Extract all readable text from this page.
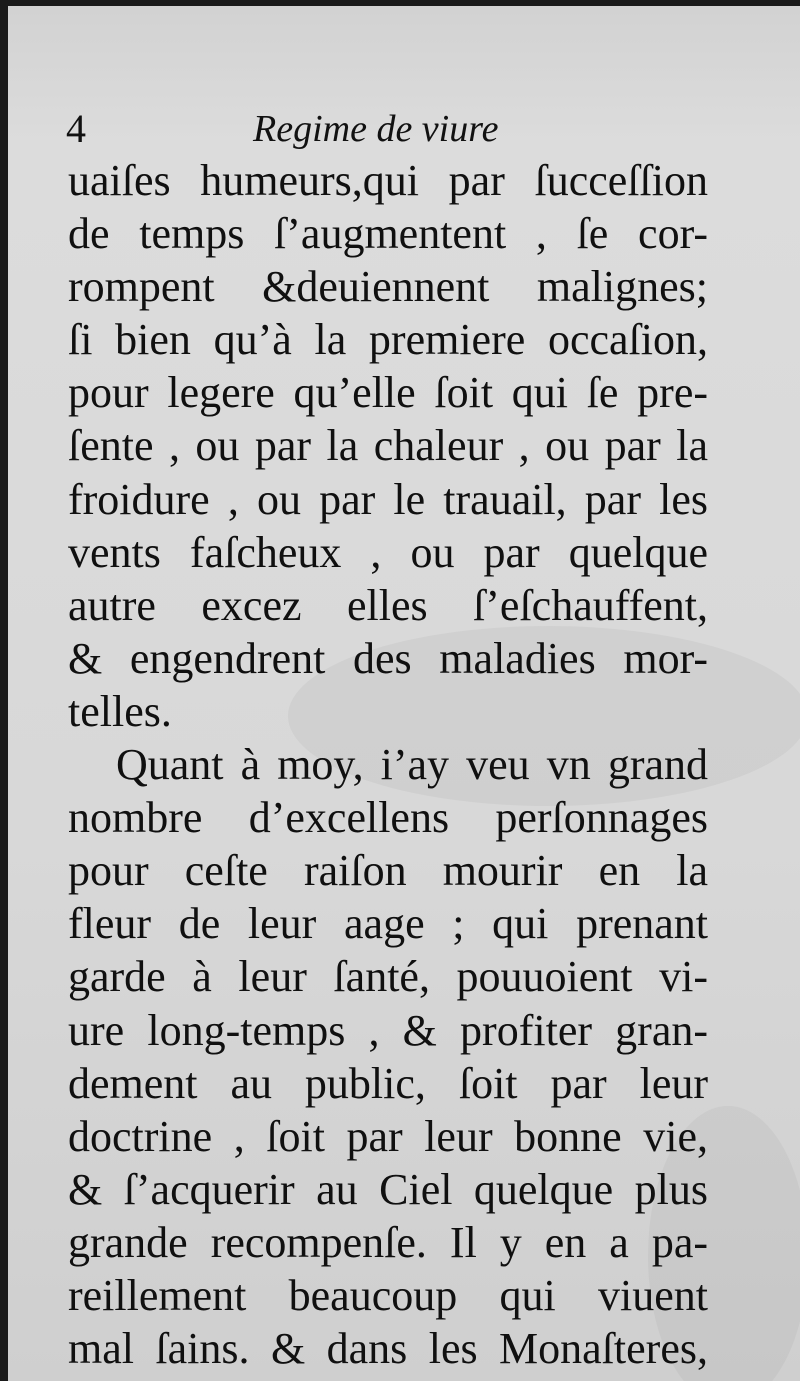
4	Regime de viure
uaiſes humeurs,qui par ſucceſſion
de temps ſ’augmentent , ſe cor-
rompent &deuiennent malignes;
ſi bien qu’à la premiere occaſion,
pour legere qu’elle ſoit qui ſe pre-
ſente , ou par la chaleur , ou par la
froidure , ou par le trauail, par les
vents faſcheux , ou par quelque
autre excez elles ſ’eſchauffent,
& engendrent des maladies mor-
telles.
Quant à moy, i’ay veu vn grand
nombre d’excellens perſonnages
pour ceſte raiſon mourir en la
fleur de leur aage ; qui prenant
garde à leur ſanté, pouuoient vi-
ure long-temps , & profiter gran-
dement au public, ſoit par leur
doctrine , ſoit par leur bonne vie,
& ſ’acquerir au Ciel quelque plus
grande recompenſe. Il y en a pa-
reillement beaucoup qui viuent
mal ſains. & dans les Monaſteres,
